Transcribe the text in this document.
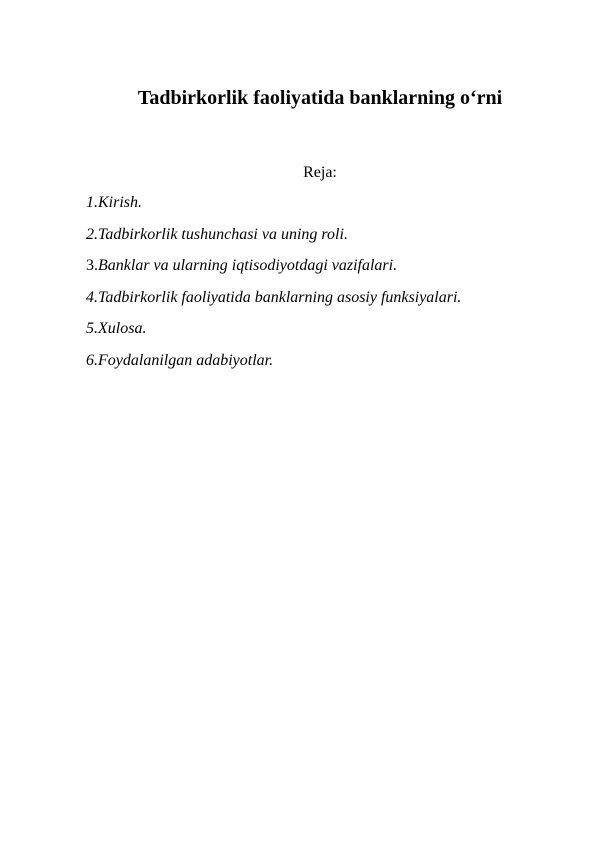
Tadbirkorlik faoliyatida banklarning o‘rni
Reja:
1.Kirish.
2.Tadbirkorlik tushunchasi va uning roli.
3.Banklar va ularning iqtisodiyotdagi vazifalari.
4.Tadbirkorlik faoliyatida banklarning asosiy funksiyalari.
5.Xulosa.
6.Foydalanilgan adabiyotlar.
